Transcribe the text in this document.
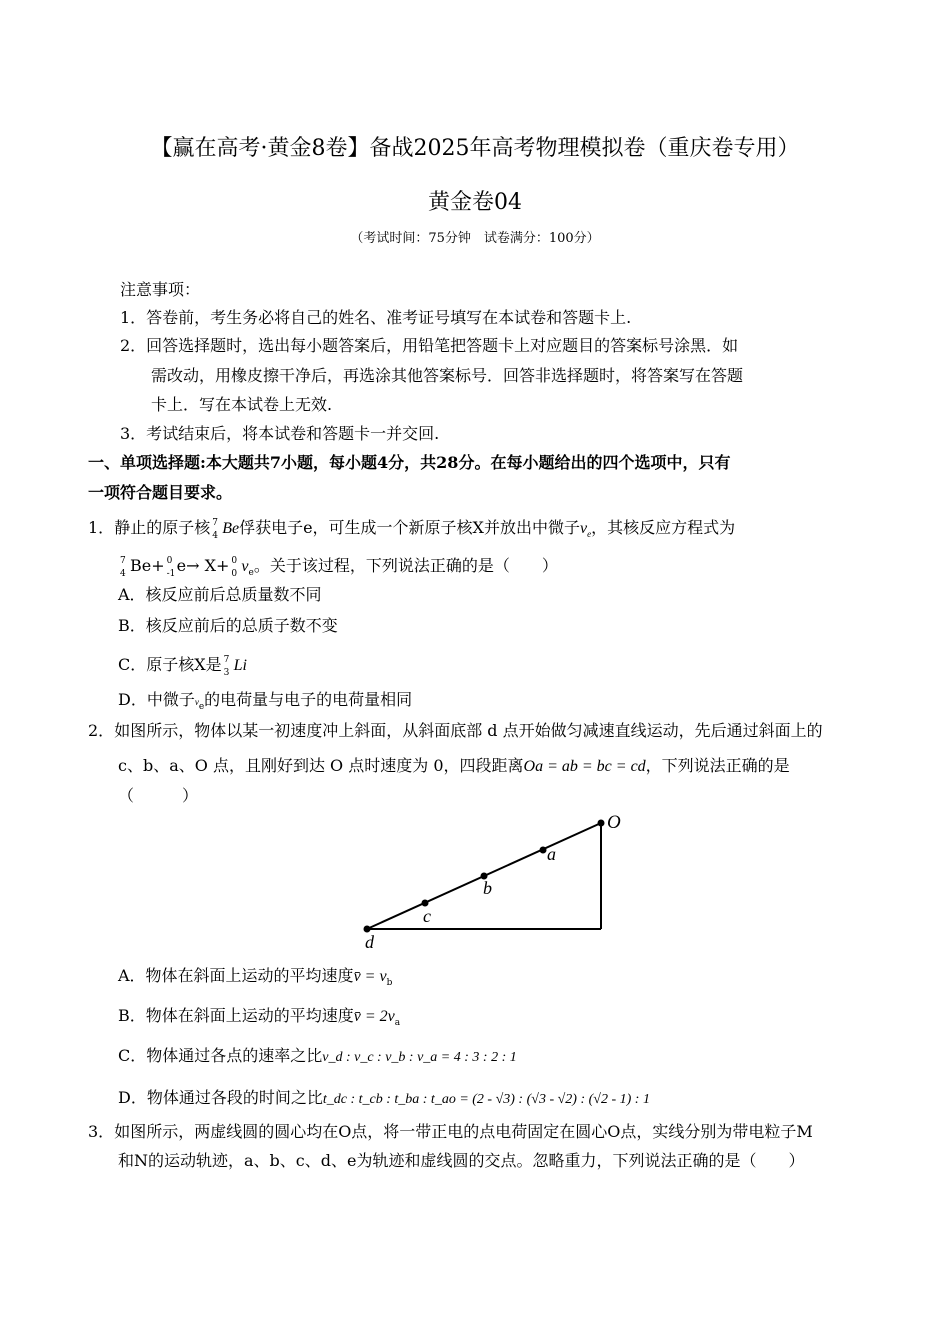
【赢在高考·黄金8卷】备战2025年高考物理模拟卷（重庆卷专用）
黄金卷04
（考试时间：75分钟　试卷满分：100分）
注意事项：
1．答卷前，考生务必将自己的姓名、准考证号填写在本试卷和答题卡上.
2．回答选择题时，选出每小题答案后，用铅笔把答题卡上对应题目的答案标号涂黑．如
需改动，用橡皮擦干净后，再选涂其他答案标号．回答非选择题时，将答案写在答题
卡上．写在本试卷上无效.
3．考试结束后，将本试卷和答题卡一并交回.
一、单项选择题:本大题共7小题，每小题4分，共28分。在每小题给出的四个选项中，只有
一项符合题目要求。
1．静止的原子核 7
4 Be俘获电子e，可生成一个新原子核X并放出中微子$\nu_e$，其核反应方程式为
7
4 Be+ 0
-1 e→ X+ 0
0 $\nu_e$。关于该过程，下列说法正确的是（　　）
A．核反应前后总质量数不同
B．核反应前后的总质子数不变
C．原子核X是 7
3 Li
D．中微子$\nu_e$的电荷量与电子的电荷量相同
2．如图所示，物体以某一初速度冲上斜面，从斜面底部 d 点开始做匀减速直线运动，先后通过斜面上的
c、b、a、O 点，且刚好到达 O 点时速度为 0，四段距离Oa = ab = bc = cd，下列说法正确的是
（　　　）
O
a
b
c
d
A．物体在斜面上运动的平均速度v̄ = $v_b$
B．物体在斜面上运动的平均速度v̄ = $2v_a$
C．物体通过各点的速率之比v_d : v_c : v_b : v_a = 4 : 3 : 2 : 1
D．物体通过各段的时间之比t_dc : t_cb : t_ba : t_ao = (2 - √3) : (√3 - √2) : (√2 - 1) : 1
3．如图所示，两虚线圆的圆心均在O点，将一带正电的点电荷固定在圆心O点，实线分别为带电粒子M
和N的运动轨迹，a、b、c、d、e为轨迹和虚线圆的交点。忽略重力，下列说法正确的是（　　）
